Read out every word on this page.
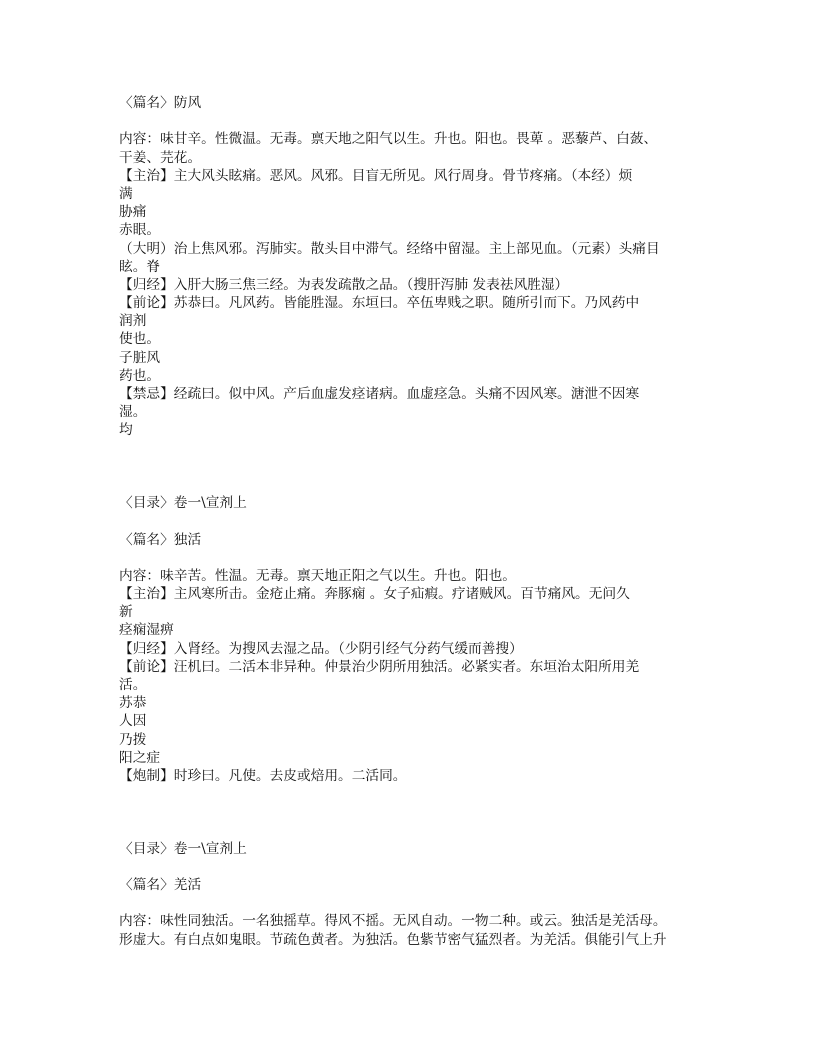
〈篇名〉防风
内容：味甘辛。性微温。无毒。禀天地之阳气以生。升也。阳也。畏萆 。恶藜芦、白蔹、
干姜、芫花。
【主治】主大风头眩痛。恶风。风邪。目盲无所见。风行周身。骨节疼痛。（本经）烦
满
胁痛
赤眼。
（大明）治上焦风邪。泻肺实。散头目中滞气。经络中留湿。主上部见血。（元素）头痛目
眩。脊
【归经】入肝大肠三焦三经。为表发疏散之品。（搜肝泻肺 发表祛风胜湿）
【前论】苏恭曰。凡风药。皆能胜湿。东垣曰。卒伍卑贱之职。随所引而下。乃风药中
润剂
使也。
子脏风
药也。
【禁忌】经疏曰。似中风。产后血虚发痉诸病。血虚痉急。头痛不因风寒。溏泄不因寒
湿。
均
〈目录〉卷一\宣剂上
〈篇名〉独活
内容：味辛苦。性温。无毒。禀天地正阳之气以生。升也。阳也。
【主治】主风寒所击。金疮止痛。奔豚痫 。女子疝瘕。疗诸贼风。百节痛风。无问久
新
痉痫湿痹
【归经】入肾经。为搜风去湿之品。（少阴引经气分药气缓而善搜）
【前论】汪机曰。二活本非异种。仲景治少阴所用独活。必紧实者。东垣治太阳所用羌
活。
苏恭
人因
乃拨
阳之症
【炮制】时珍曰。凡使。去皮或焙用。二活同。
〈目录〉卷一\宣剂上
〈篇名〉羌活
内容：味性同独活。一名独摇草。得风不摇。无风自动。一物二种。或云。独活是羌活母。
形虚大。有白点如鬼眼。节疏色黄者。为独活。色紫节密气猛烈者。为羌活。俱能引气上升
